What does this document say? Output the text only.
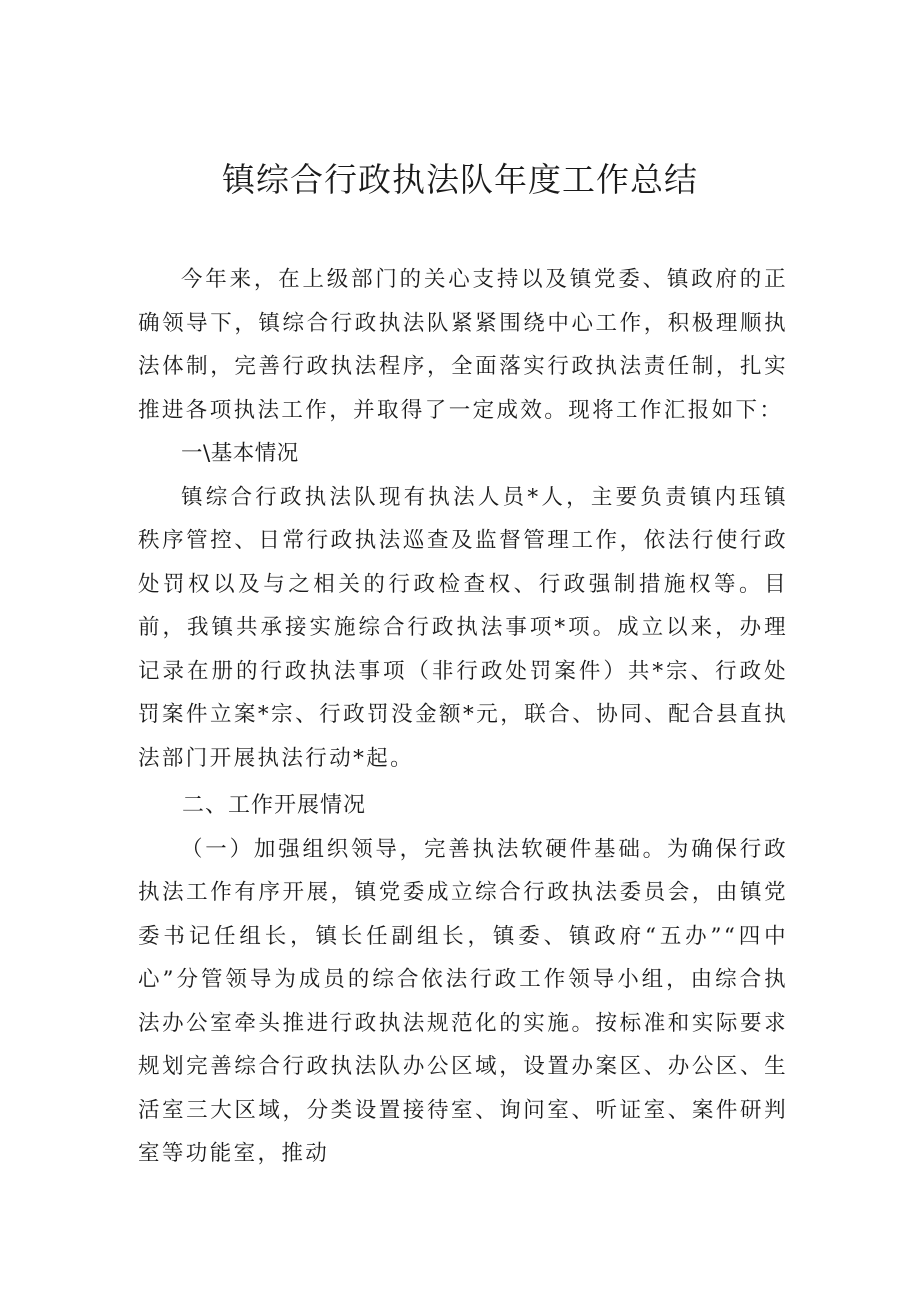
镇综合行政执法队年度工作总结

今年来，在上级部门的关心支持以及镇党委、镇政府的正确领导下，镇综合行政执法队紧紧围绕中心工作，积极理顺执法体制，完善行政执法程序，全面落实行政执法责任制，扎实推进各项执法工作，并取得了一定成效。现将工作汇报如下：

一\基本情况

镇综合行政执法队现有执法人员*人，主要负责镇内珏镇秩序管控、日常行政执法巡查及监督管理工作，依法行使行政处罚权以及与之相关的行政检查权、行政强制措施权等。目前，我镇共承接实施综合行政执法事项*项。成立以来，办理记录在册的行政执法事项（非行政处罚案件）共*宗、行政处罚案件立案*宗、行政罚没金额*元，联合、协同、配合县直执法部门开展执法行动*起。

二、工作开展情况

（一）加强组织领导，完善执法软硬件基础。为确保行政执法工作有序开展，镇党委成立综合行政执法委员会，由镇党委书记任组长，镇长任副组长，镇委、镇政府“五办”“四中心”分管领导为成员的综合依法行政工作领导小组，由综合执法办公室牵头推进行政执法规范化的实施。按标准和实际要求规划完善综合行政执法队办公区域，设置办案区、办公区、生活室三大区域，分类设置接待室、询问室、听证室、案件研判室等功能室，推动
